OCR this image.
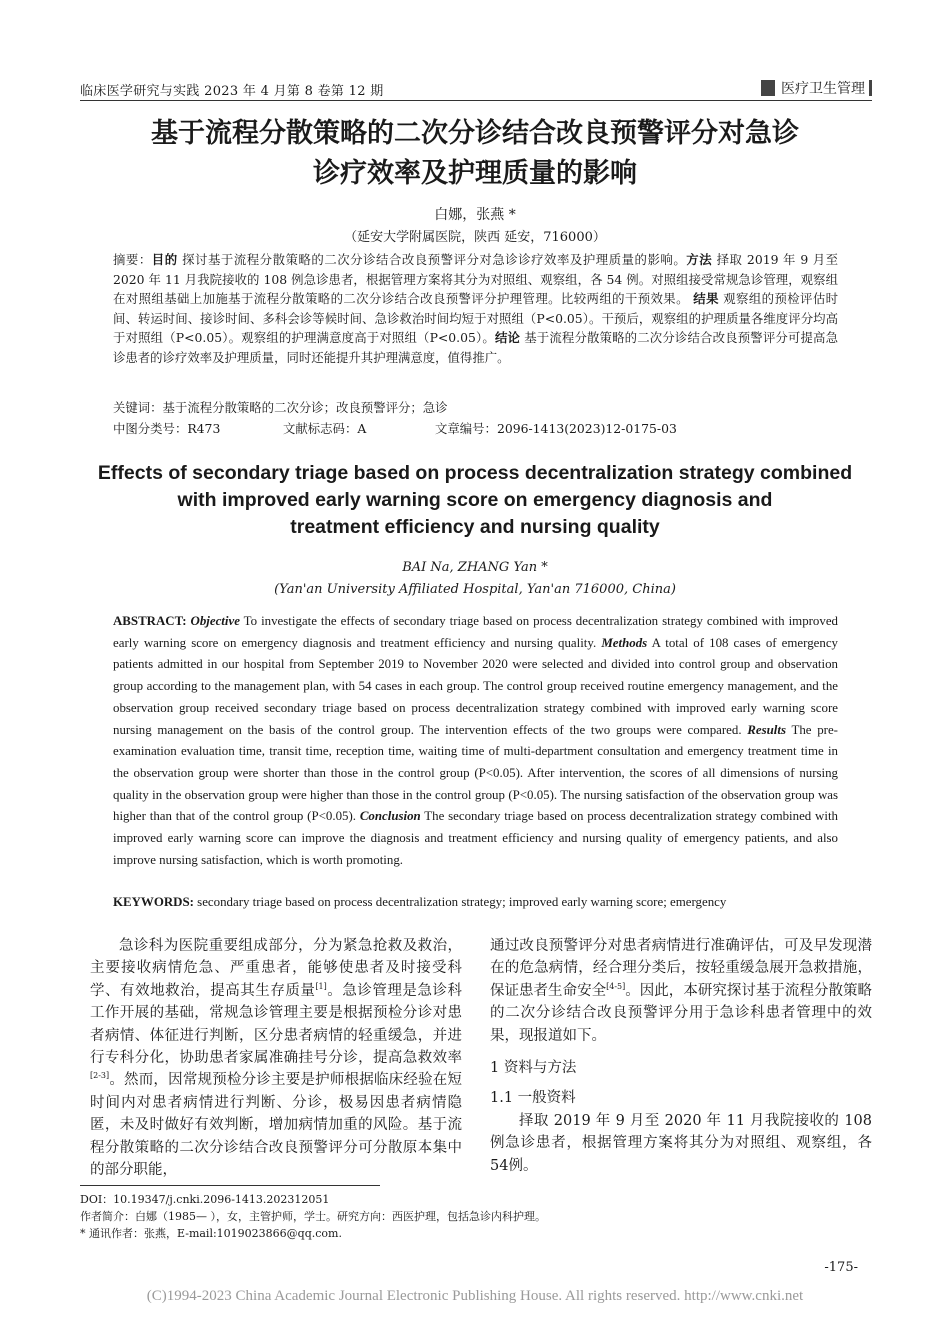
临床医学研究与实践 2023 年 4 月第 8 卷第 12 期	医疗卫生管理
基于流程分散策略的二次分诊结合改良预警评分对急诊
诊疗效率及护理质量的影响
白娜，张燕 *
（延安大学附属医院，陕西 延安，716000）
摘要：目的 探讨基于流程分散策略的二次分诊结合改良预警评分对急诊诊疗效率及护理质量的影响。方法 择取 2019 年 9 月至 2020 年 11 月我院接收的 108 例急诊患者，根据管理方案将其分为对照组、观察组，各 54 例。对照组接受常规急诊管理，观察组在对照组基础上加施基于流程分散策略的二次分诊结合改良预警评分护理管理。比较两组的干预效果。 结果 观察组的预检评估时间、转运时间、接诊时间、多科会诊等候时间、急诊救治时间均短于对照组（P<0.05）。干预后，观察组的护理质量各维度评分均高于对照组（P<0.05）。观察组的护理满意度高于对照组（P<0.05）。结论 基于流程分散策略的二次分诊结合改良预警评分可提高急诊患者的诊疗效率及护理质量，同时还能提升其护理满意度，值得推广。
关键词：基于流程分散策略的二次分诊；改良预警评分；急诊
中图分类号：R473	文献标志码：A	文章编号：2096-1413(2023)12-0175-03
Effects of secondary triage based on process decentralization strategy combined
with improved early warning score on emergency diagnosis and
treatment efficiency and nursing quality
BAI Na, ZHANG Yan *
(Yan'an University Affiliated Hospital, Yan'an 716000, China)
ABSTRACT: Objective To investigate the effects of secondary triage based on process decentralization strategy combined with improved early warning score on emergency diagnosis and treatment efficiency and nursing quality. Methods A total of 108 cases of emergency patients admitted in our hospital from September 2019 to November 2020 were selected and divided into control group and observation group according to the management plan, with 54 cases in each group. The control group received routine emergency management, and the observation group received secondary triage based on process decentralization strategy combined with improved early warning score nursing management on the basis of the control group. The intervention effects of the two groups were compared. Results The pre-examination evaluation time, transit time, reception time, waiting time of multi-department consultation and emergency treatment time in the observation group were shorter than those in the control group (P<0.05). After intervention, the scores of all dimensions of nursing quality in the observation group were higher than those in the control group (P<0.05). The nursing satisfaction of the observation group was higher than that of the control group (P<0.05). Conclusion The secondary triage based on process decentralization strategy combined with improved early warning score can improve the diagnosis and treatment efficiency and nursing quality of emergency patients, and also improve nursing satisfaction, which is worth promoting.
KEYWORDS: secondary triage based on process decentralization strategy; improved early warning score; emergency
急诊科为医院重要组成部分，分为紧急抢救及救治，主要接收病情危急、严重患者，能够使患者及时接受科学、有效地救治，提高其生存质量[1]。急诊管理是急诊科工作开展的基础，常规急诊管理主要是根据预检分诊对患者病情、体征进行判断，区分患者病情的轻重缓急，并进行专科分化，协助患者家属准确挂号分诊，提高急救效率[2-3]。然而，因常规预检分诊主要是护师根据临床经验在短时间内对患者病情进行判断、分诊，极易因患者病情隐匿，未及时做好有效判断，增加病情加重的风险。基于流程分散策略的二次分诊结合改良预警评分可分散原本集中的部分职能，
通过改良预警评分对患者病情进行准确评估，可及早发现潜在的危急病情，经合理分类后，按轻重缓急展开急救措施，保证患者生命安全[4-5]。因此，本研究探讨基于流程分散策略的二次分诊结合改良预警评分用于急诊科患者管理中的效果，现报道如下。
1 资料与方法
1.1 一般资料
择取 2019 年 9 月至 2020 年 11 月我院接收的 108 例急诊患者，根据管理方案将其分为对照组、观察组，各 54例。
DOI：10.19347/j.cnki.2096-1413.202312051
作者简介：白娜（1985— ），女，主管护师，学士。研究方向：西医护理，包括急诊内科护理。
* 通讯作者：张燕，E-mail:1019023866@qq.com.
-175-
(C)1994-2023 China Academic Journal Electronic Publishing House. All rights reserved. http://www.cnki.net
